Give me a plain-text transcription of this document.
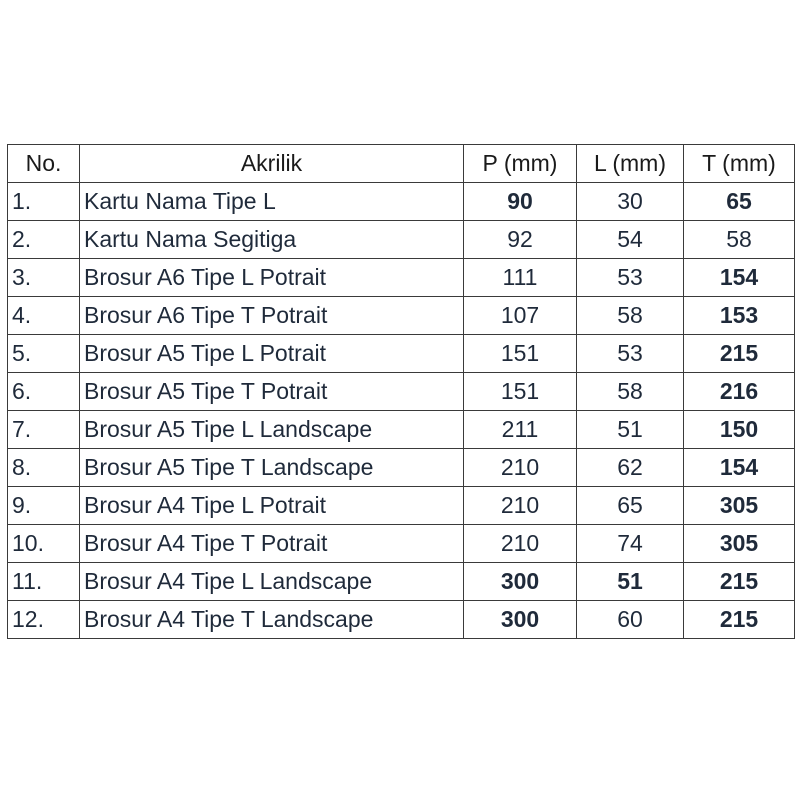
No.	Akrilik	P (mm)	L (mm)	T (mm)
1.	Kartu Nama Tipe L	90	30	65
2.	Kartu Nama Segitiga	92	54	58
3.	Brosur A6 Tipe L Potrait	111	53	154
4.	Brosur A6 Tipe T Potrait	107	58	153
5.	Brosur A5 Tipe L Potrait	151	53	215
6.	Brosur A5 Tipe T Potrait	151	58	216
7.	Brosur A5 Tipe L Landscape	211	51	150
8.	Brosur A5 Tipe T Landscape	210	62	154
9.	Brosur A4 Tipe L Potrait	210	65	305
10.	Brosur A4 Tipe T Potrait	210	74	305
11.	Brosur A4 Tipe L Landscape	300	51	215
12.	Brosur A4 Tipe T Landscape	300	60	215
